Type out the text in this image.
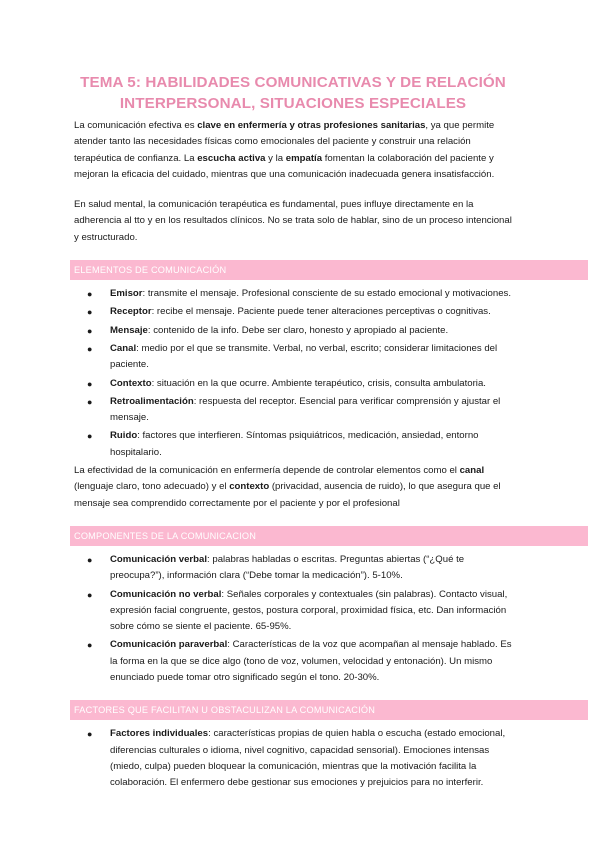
TEMA 5: HABILIDADES COMUNICATIVAS Y DE RELACIÓN
INTERPERSONAL, SITUACIONES ESPECIALES

La comunicación efectiva es clave en enfermería y otras profesiones sanitarias, ya que permite atender tanto las necesidades físicas como emocionales del paciente y construir una relación terapéutica de confianza. La escucha activa y la empatía fomentan la colaboración del paciente y mejoran la eficacia del cuidado, mientras que una comunicación inadecuada genera insatisfacción.

En salud mental, la comunicación terapéutica es fundamental, pues influye directamente en la adherencia al tto y en los resultados clínicos. No se trata solo de hablar, sino de un proceso intencional y estructurado.

ELEMENTOS DE COMUNICACIÓN
● Emisor: transmite el mensaje. Profesional consciente de su estado emocional y motivaciones.
● Receptor: recibe el mensaje. Paciente puede tener alteraciones perceptivas o cognitivas.
● Mensaje: contenido de la info. Debe ser claro, honesto y apropiado al paciente.
● Canal: medio por el que se transmite. Verbal, no verbal, escrito; considerar limitaciones del paciente.
● Contexto: situación en la que ocurre. Ambiente terapéutico, crisis, consulta ambulatoria.
● Retroalimentación: respuesta del receptor. Esencial para verificar comprensión y ajustar el mensaje.
● Ruido: factores que interfieren. Síntomas psiquiátricos, medicación, ansiedad, entorno hospitalario.

La efectividad de la comunicación en enfermería depende de controlar elementos como el canal (lenguaje claro, tono adecuado) y el contexto (privacidad, ausencia de ruido), lo que asegura que el mensaje sea comprendido correctamente por el paciente y por el profesional

COMPONENTES DE LA COMUNICACION
● Comunicación verbal: palabras habladas o escritas. Preguntas abiertas (“¿Qué te preocupa?”), información clara (“Debe tomar la medicación”). 5-10%.
● Comunicación no verbal: Señales corporales y contextuales (sin palabras). Contacto visual, expresión facial congruente, gestos, postura corporal, proximidad física, etc. Dan información sobre cómo se siente el paciente. 65-95%.
● Comunicación paraverbal: Características de la voz que acompañan al mensaje hablado. Es la forma en la que se dice algo (tono de voz, volumen, velocidad y entonación). Un mismo enunciado puede tomar otro significado según el tono. 20-30%.
FACTORES QUE FACILITAN U OBSTACULIZAN LA COMUNICACIÓN
● Factores individuales: características propias de quien habla o escucha (estado emocional, diferencias culturales o idioma, nivel cognitivo, capacidad sensorial). Emociones intensas (miedo, culpa) pueden bloquear la comunicación, mientras que la motivación facilita la colaboración. El enfermero debe gestionar sus emociones y prejuicios para no interferir.
